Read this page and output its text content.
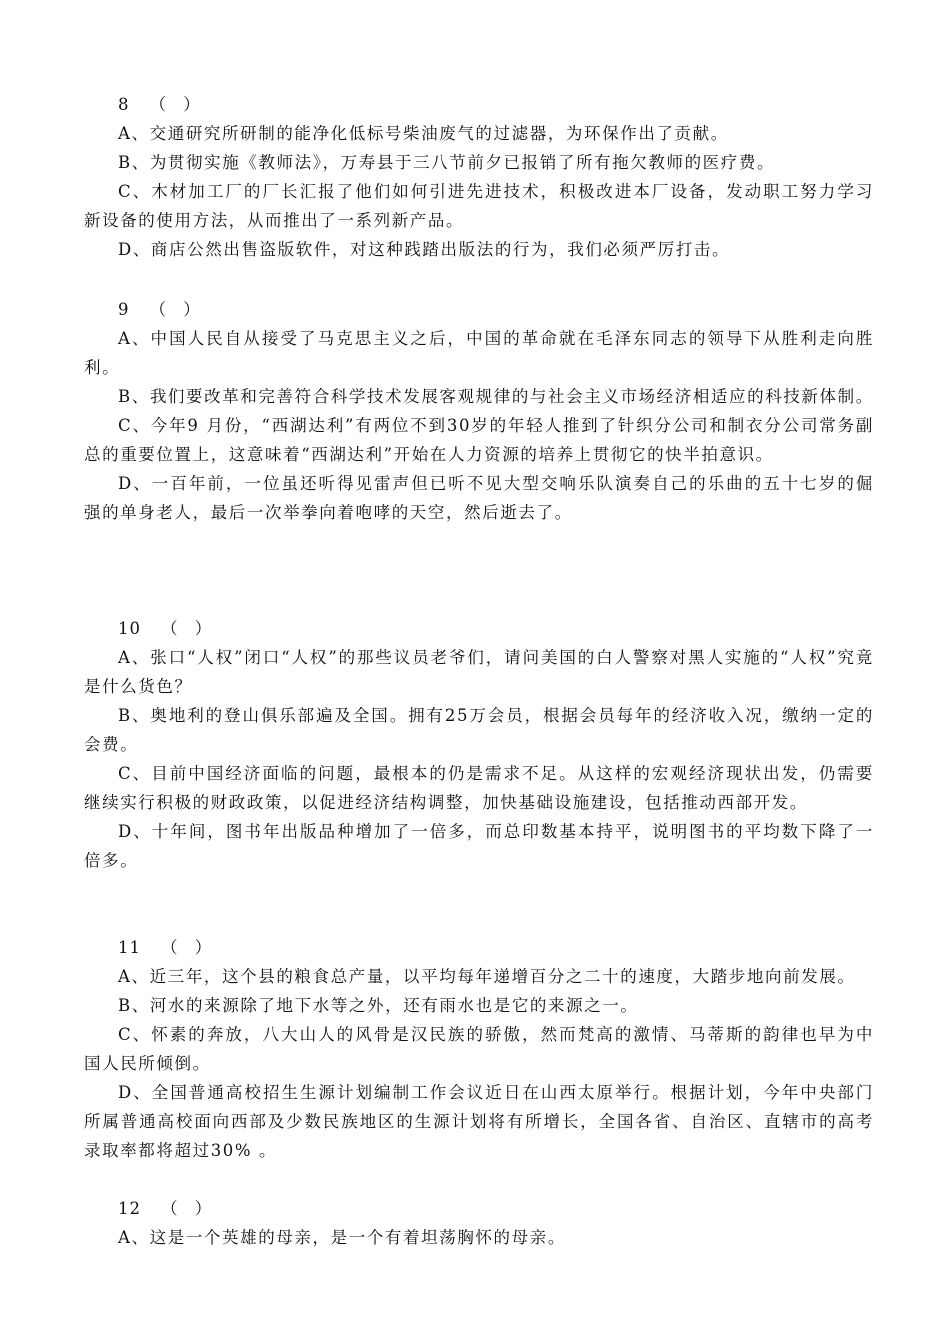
8 （ ）

A、交通研究所研制的能净化低标号柴油废气的过滤器，为环保作出了贡献。

B、为贯彻实施《教师法》，万寿县于三八节前夕已报销了所有拖欠教师的医疗费。

C、木材加工厂的厂长汇报了他们如何引进先进技术，积极改进本厂设备，发动职工努力学习新设备的使用方法，从而推出了一系列新产品。

D、商店公然出售盗版软件，对这种践踏出版法的行为，我们必须严厉打击。

9 （ ）

A、中国人民自从接受了马克思主义之后，中国的革命就在毛泽东同志的领导下从胜利走向胜利。

B、我们要改革和完善符合科学技术发展客观规律的与社会主义市场经济相适应的科技新体制。

C、今年9 月份，“西湖达利”有两位不到30岁的年轻人推到了针织分公司和制衣分公司常务副总的重要位置上，这意味着“西湖达利”开始在人力资源的培养上贯彻它的快半拍意识。

D、一百年前，一位虽还听得见雷声但已听不见大型交响乐队演奏自己的乐曲的五十七岁的倔强的单身老人，最后一次举拳向着咆哮的天空，然后逝去了。

10 （ ）

A、张口“人权”闭口“人权”的那些议员老爷们，请问美国的白人警察对黑人实施的“人权”究竟是什么货色？

B、奥地利的登山俱乐部遍及全国。拥有25万会员，根据会员每年的经济收入况，缴纳一定的会费。

C、目前中国经济面临的问题，最根本的仍是需求不足。从这样的宏观经济现状出发，仍需要继续实行积极的财政政策，以促进经济结构调整，加快基础设施建设，包括推动西部开发。

D、十年间，图书年出版品种增加了一倍多，而总印数基本持平，说明图书的平均数下降了一倍多。

11 （ ）

A、近三年，这个县的粮食总产量，以平均每年递增百分之二十的速度，大踏步地向前发展。

B、河水的来源除了地下水等之外，还有雨水也是它的来源之一。

C、怀素的奔放，八大山人的风骨是汉民族的骄傲，然而梵高的激情、马蒂斯的韵律也早为中国人民所倾倒。

D、全国普通高校招生生源计划编制工作会议近日在山西太原举行。根据计划，今年中央部门所属普通高校面向西部及少数民族地区的生源计划将有所增长，全国各省、自治区、直辖市的高考录取率都将超过30% 。

12 （ ）

A、这是一个英雄的母亲，是一个有着坦荡胸怀的母亲。
